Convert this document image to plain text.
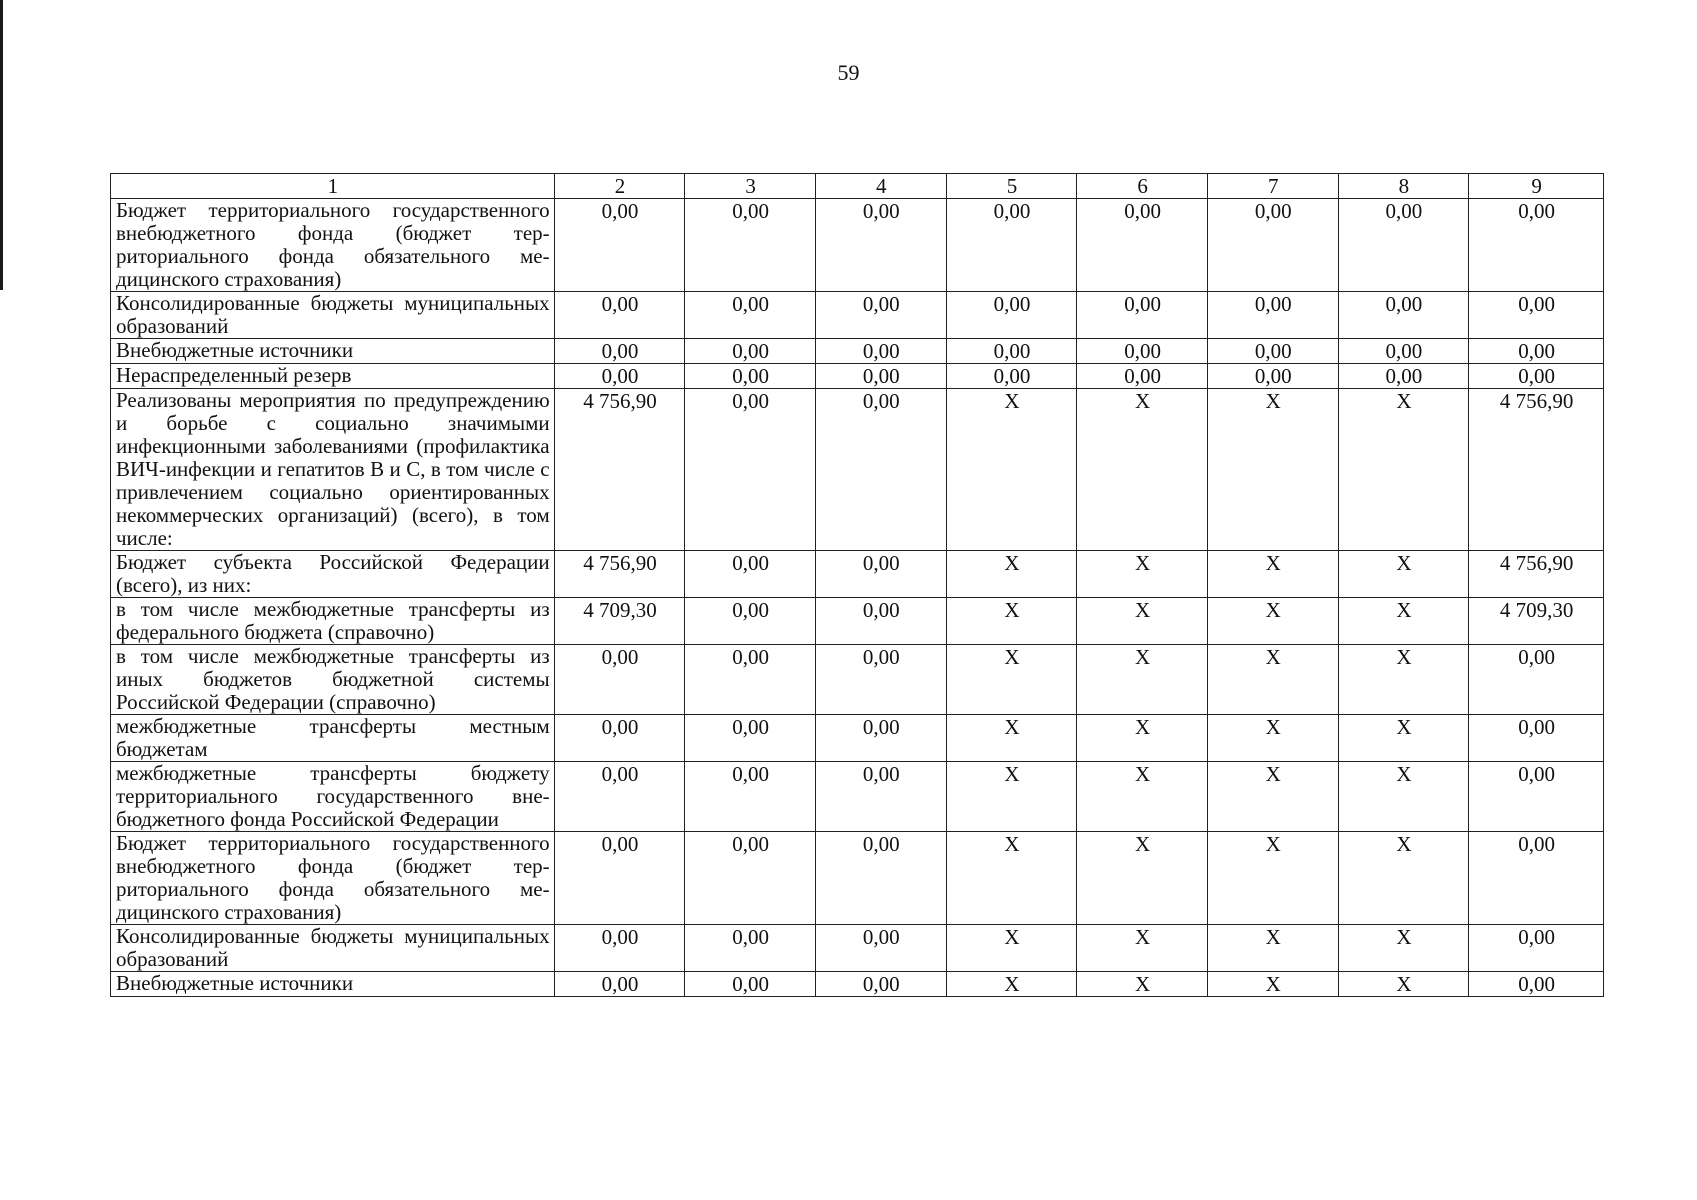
59
1	2	3	4	5	6	7	8	9
Бюджет территориального государственного внебюджетного фонда (бюджет территориального фонда обязательного медицинского страхования)	0,00	0,00	0,00	0,00	0,00	0,00	0,00	0,00
Консолидированные бюджеты муниципальных образований	0,00	0,00	0,00	0,00	0,00	0,00	0,00	0,00
Внебюджетные источники	0,00	0,00	0,00	0,00	0,00	0,00	0,00	0,00
Нераспределенный резерв	0,00	0,00	0,00	0,00	0,00	0,00	0,00	0,00
Реализованы мероприятия по предупреждению и борьбе с социально значимыми инфекционными заболеваниями (профилактика ВИЧ-инфекции и гепатитов В и С, в том числе с привлечением социально ориентированных некоммерческих организаций) (всего), в том числе:	4 756,90	0,00	0,00	Х	Х	Х	Х	4 756,90
Бюджет субъекта Российской Федерации (всего), из них:	4 756,90	0,00	0,00	Х	Х	Х	Х	4 756,90
в том числе межбюджетные трансферты из федерального бюджета (справочно)	4 709,30	0,00	0,00	Х	Х	Х	Х	4 709,30
в том числе межбюджетные трансферты из иных бюджетов бюджетной системы Российской Федерации (справочно)	0,00	0,00	0,00	Х	Х	Х	Х	0,00
межбюджетные трансферты местным бюджетам	0,00	0,00	0,00	Х	Х	Х	Х	0,00
межбюджетные трансферты бюджету территориального государственного внебюджетного фонда Российской Федерации	0,00	0,00	0,00	Х	Х	Х	Х	0,00
Бюджет территориального государственного внебюджетного фонда (бюджет территориального фонда обязательного медицинского страхования)	0,00	0,00	0,00	Х	Х	Х	Х	0,00
Консолидированные бюджеты муниципальных образований	0,00	0,00	0,00	Х	Х	Х	Х	0,00
Внебюджетные источники	0,00	0,00	0,00	Х	Х	Х	Х	0,00
